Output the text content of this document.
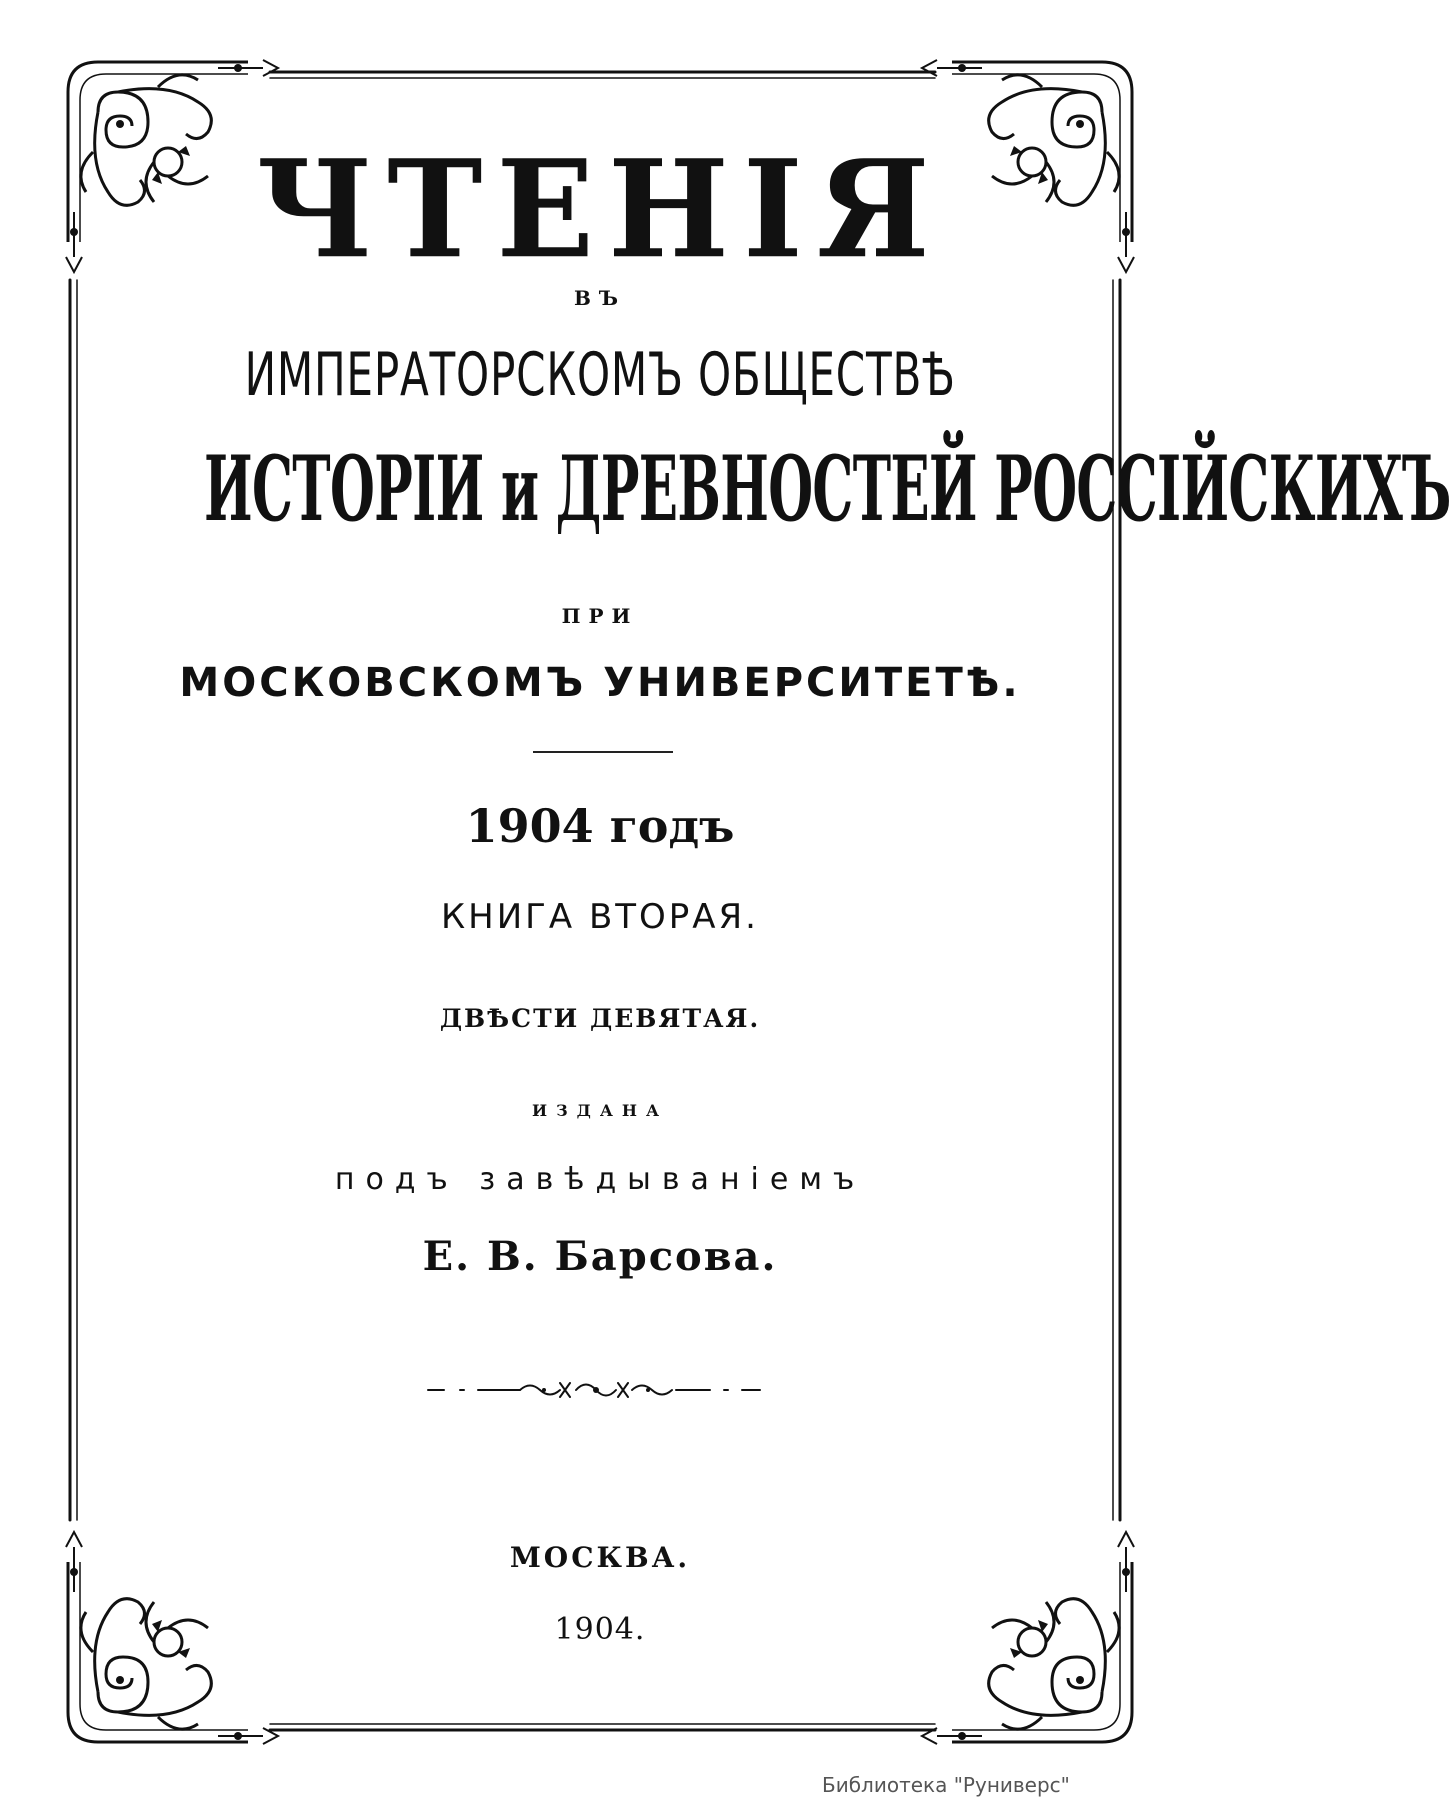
ЧТЕНІЯ
ВЪ
ИМПЕРАТОРСКОМЪ ОБЩЕСТВѢ
ИСТОРІИ и ДРЕВНОСТЕЙ РОССІЙСКИХЪ
ПРИ
МОСКОВСКОМЪ УНИВЕРСИТЕТѢ.
1904 годъ
КНИГА ВТОРАЯ.
ДВѢСТИ ДЕВЯТАЯ.
ИЗДАНА
подъ завѣдываніемъ
Е. В. Барсова.
МОСКВА.
1904.
Библиотека "Руниверс"
